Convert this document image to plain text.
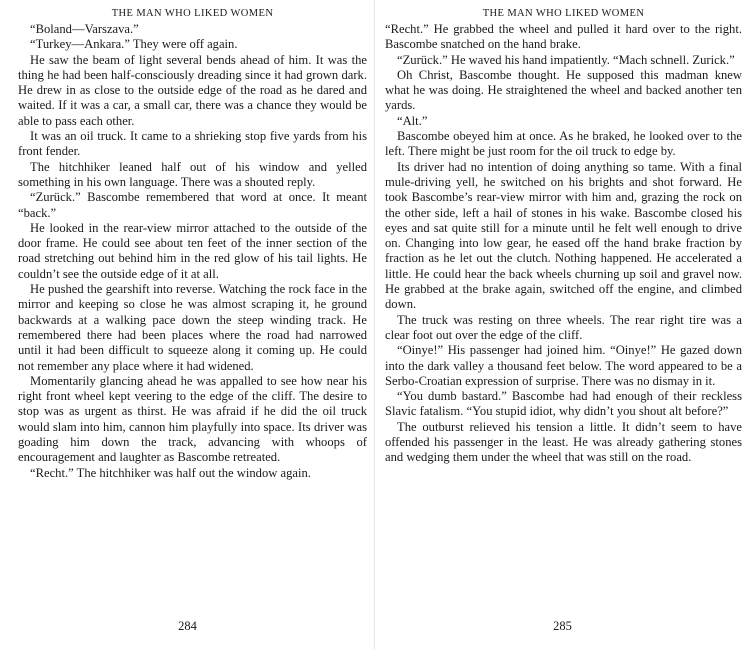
THE MAN WHO LIKED WOMEN

“Boland—Varszava.”

“Turkey—Ankara.” They were off again.

He saw the beam of light several bends ahead of him. It was the thing he had been half-consciously dreading since it had grown dark. He drew in as close to the outside edge of the road as he dared and waited. If it was a car, a small car, there was a chance they would be able to pass each other.

It was an oil truck. It came to a shrieking stop five yards from his front fender.

The hitchhiker leaned half out of his window and yelled something in his own language. There was a shouted reply.

“Zurück.” Bascombe remembered that word at once. It meant “back.”

He looked in the rear-view mirror attached to the outside of the door frame. He could see about ten feet of the inner section of the road stretching out behind him in the red glow of his tail lights. He couldn’t see the outside edge of it at all.

He pushed the gearshift into reverse. Watching the rock face in the mirror and keeping so close he was almost scraping it, he ground backwards at a walking pace down the steep winding track. He remembered there had been places where the road had narrowed until it had been difficult to squeeze along it coming up. He could not remember any place where it had widened.

Momentarily glancing ahead he was appalled to see how near his right front wheel kept veering to the edge of the cliff. The desire to stop was as urgent as thirst. He was afraid if he did the oil truck would slam into him, cannon him playfully into space. Its driver was goading him down the track, advancing with whoops of encouragement and laughter as Bascombe retreated.

“Recht.” The hitchhiker was half out the window again.

284
THE MAN WHO LIKED WOMEN

“Recht.” He grabbed the wheel and pulled it hard over to the right. Bascombe snatched on the hand brake.

“Zurück.” He waved his hand impatiently. “Mach schnell. Zurick.”

Oh Christ, Bascombe thought. He supposed this madman knew what he was doing. He straightened the wheel and backed another ten yards.

“Alt.”

Bascombe obeyed him at once. As he braked, he looked over to the left. There might be just room for the oil truck to edge by.

Its driver had no intention of doing anything so tame. With a final mule-driving yell, he switched on his brights and shot forward. He took Bascombe’s rear-view mirror with him and, grazing the rock on the other side, left a hail of stones in his wake. Bascombe closed his eyes and sat quite still for a minute until he felt well enough to drive on. Changing into low gear, he eased off the hand brake fraction by fraction as he let out the clutch. Nothing happened. He accelerated a little. He could hear the back wheels churning up soil and gravel now. He grabbed at the brake again, switched off the engine, and climbed down.

The truck was resting on three wheels. The rear right tire was a clear foot out over the edge of the cliff.

“Oinye!” His passenger had joined him. “Oinye!” He gazed down into the dark valley a thousand feet below. The word appeared to be a Serbo-Croatian expression of surprise. There was no dismay in it.

“You dumb bastard.” Bascombe had had enough of their reckless Slavic fatalism. “You stupid idiot, why didn’t you shout alt before?”

The outburst relieved his tension a little. It didn’t seem to have offended his passenger in the least. He was already gathering stones and wedging them under the wheel that was still on the road.

285
